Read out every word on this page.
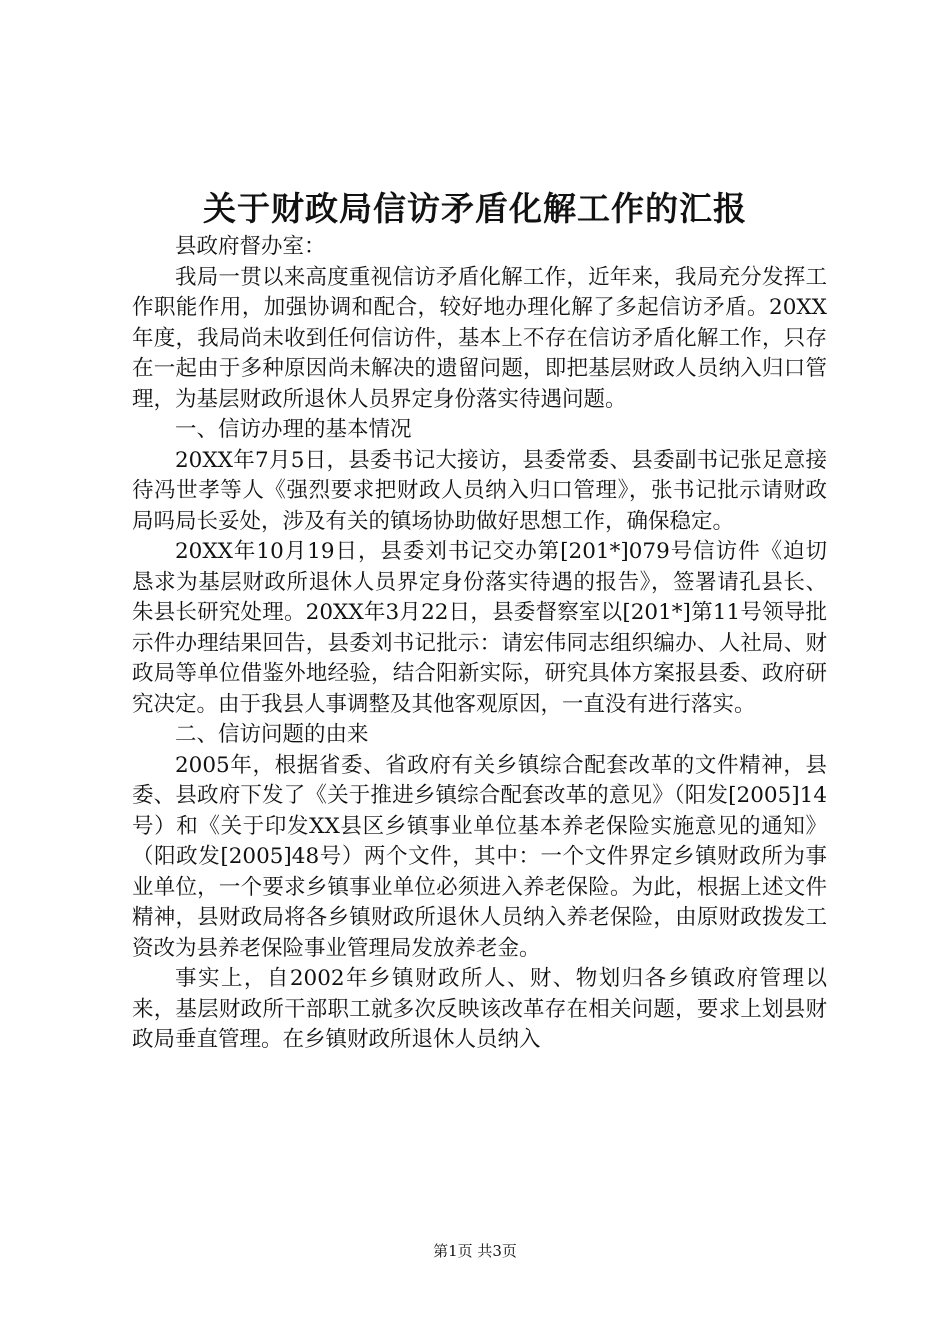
关于财政局信访矛盾化解工作的汇报

县政府督办室：

我局一贯以来高度重视信访矛盾化解工作，近年来，我局充分发挥工作职能作用，加强协调和配合，较好地办理化解了多起信访矛盾。20XX年度，我局尚未收到任何信访件，基本上不存在信访矛盾化解工作，只存在一起由于多种原因尚未解决的遗留问题，即把基层财政人员纳入归口管理，为基层财政所退休人员界定身份落实待遇问题。

一、信访办理的基本情况

20XX年7月5日，县委书记大接访，县委常委、县委副书记张足意接待冯世孝等人《强烈要求把财政人员纳入归口管理》，张书记批示请财政局吗局长妥处，涉及有关的镇场协助做好思想工作，确保稳定。

20XX年10月19日，县委刘书记交办第[201*]079号信访件《迫切恳求为基层财政所退休人员界定身份落实待遇的报告》，签署请孔县长、朱县长研究处理。20XX年3月22日，县委督察室以[201*]第11号领导批示件办理结果回告，县委刘书记批示：请宏伟同志组织编办、人社局、财政局等单位借鉴外地经验，结合阳新实际，研究具体方案报县委、政府研究决定。由于我县人事调整及其他客观原因，一直没有进行落实。

二、信访问题的由来

2005年，根据省委、省政府有关乡镇综合配套改革的文件精神，县委、县政府下发了《关于推进乡镇综合配套改革的意见》（阳发[2005]14号）和《关于印发XX县区乡镇事业单位基本养老保险实施意见的通知》（阳政发[2005]48号）两个文件，其中：一个文件界定乡镇财政所为事业单位，一个要求乡镇事业单位必须进入养老保险。为此，根据上述文件精神，县财政局将各乡镇财政所退休人员纳入养老保险，由原财政拨发工资改为县养老保险事业管理局发放养老金。

事实上，自2002年乡镇财政所人、财、物划归各乡镇政府管理以来，基层财政所干部职工就多次反映该改革存在相关问题，要求上划县财政局垂直管理。在乡镇财政所退休人员纳入

第1页 共3页
